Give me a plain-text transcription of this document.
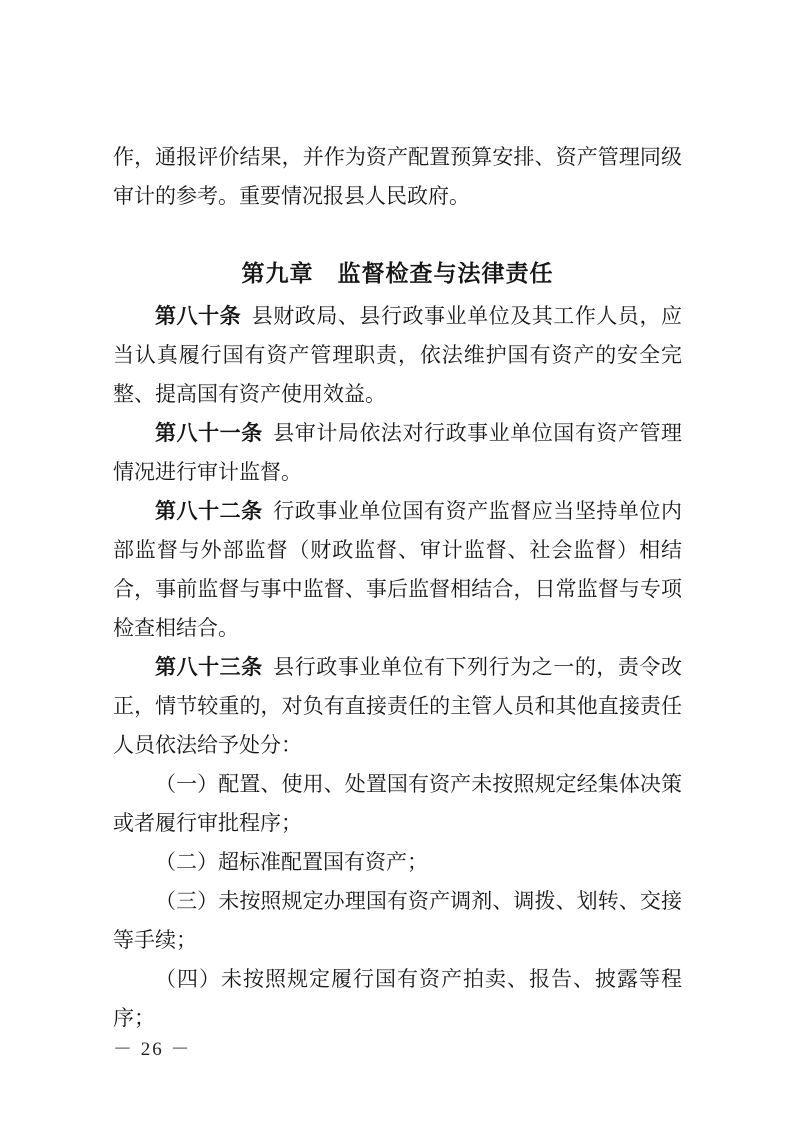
作，通报评价结果，并作为资产配置预算安排、资产管理同级审计的参考。重要情况报县人民政府。

第九章　监督检查与法律责任

第八十条 县财政局、县行政事业单位及其工作人员，应当认真履行国有资产管理职责，依法维护国有资产的安全完整、提高国有资产使用效益。

第八十一条 县审计局依法对行政事业单位国有资产管理情况进行审计监督。

第八十二条 行政事业单位国有资产监督应当坚持单位内部监督与外部监督（财政监督、审计监督、社会监督）相结合，事前监督与事中监督、事后监督相结合，日常监督与专项检查相结合。

第八十三条 县行政事业单位有下列行为之一的，责令改正，情节较重的，对负有直接责任的主管人员和其他直接责任人员依法给予处分：

（一）配置、使用、处置国有资产未按照规定经集体决策或者履行审批程序；

（二）超标准配置国有资产；

（三）未按照规定办理国有资产调剂、调拨、划转、交接等手续；

（四）未按照规定履行国有资产拍卖、报告、披露等程序；

－ 26 －
